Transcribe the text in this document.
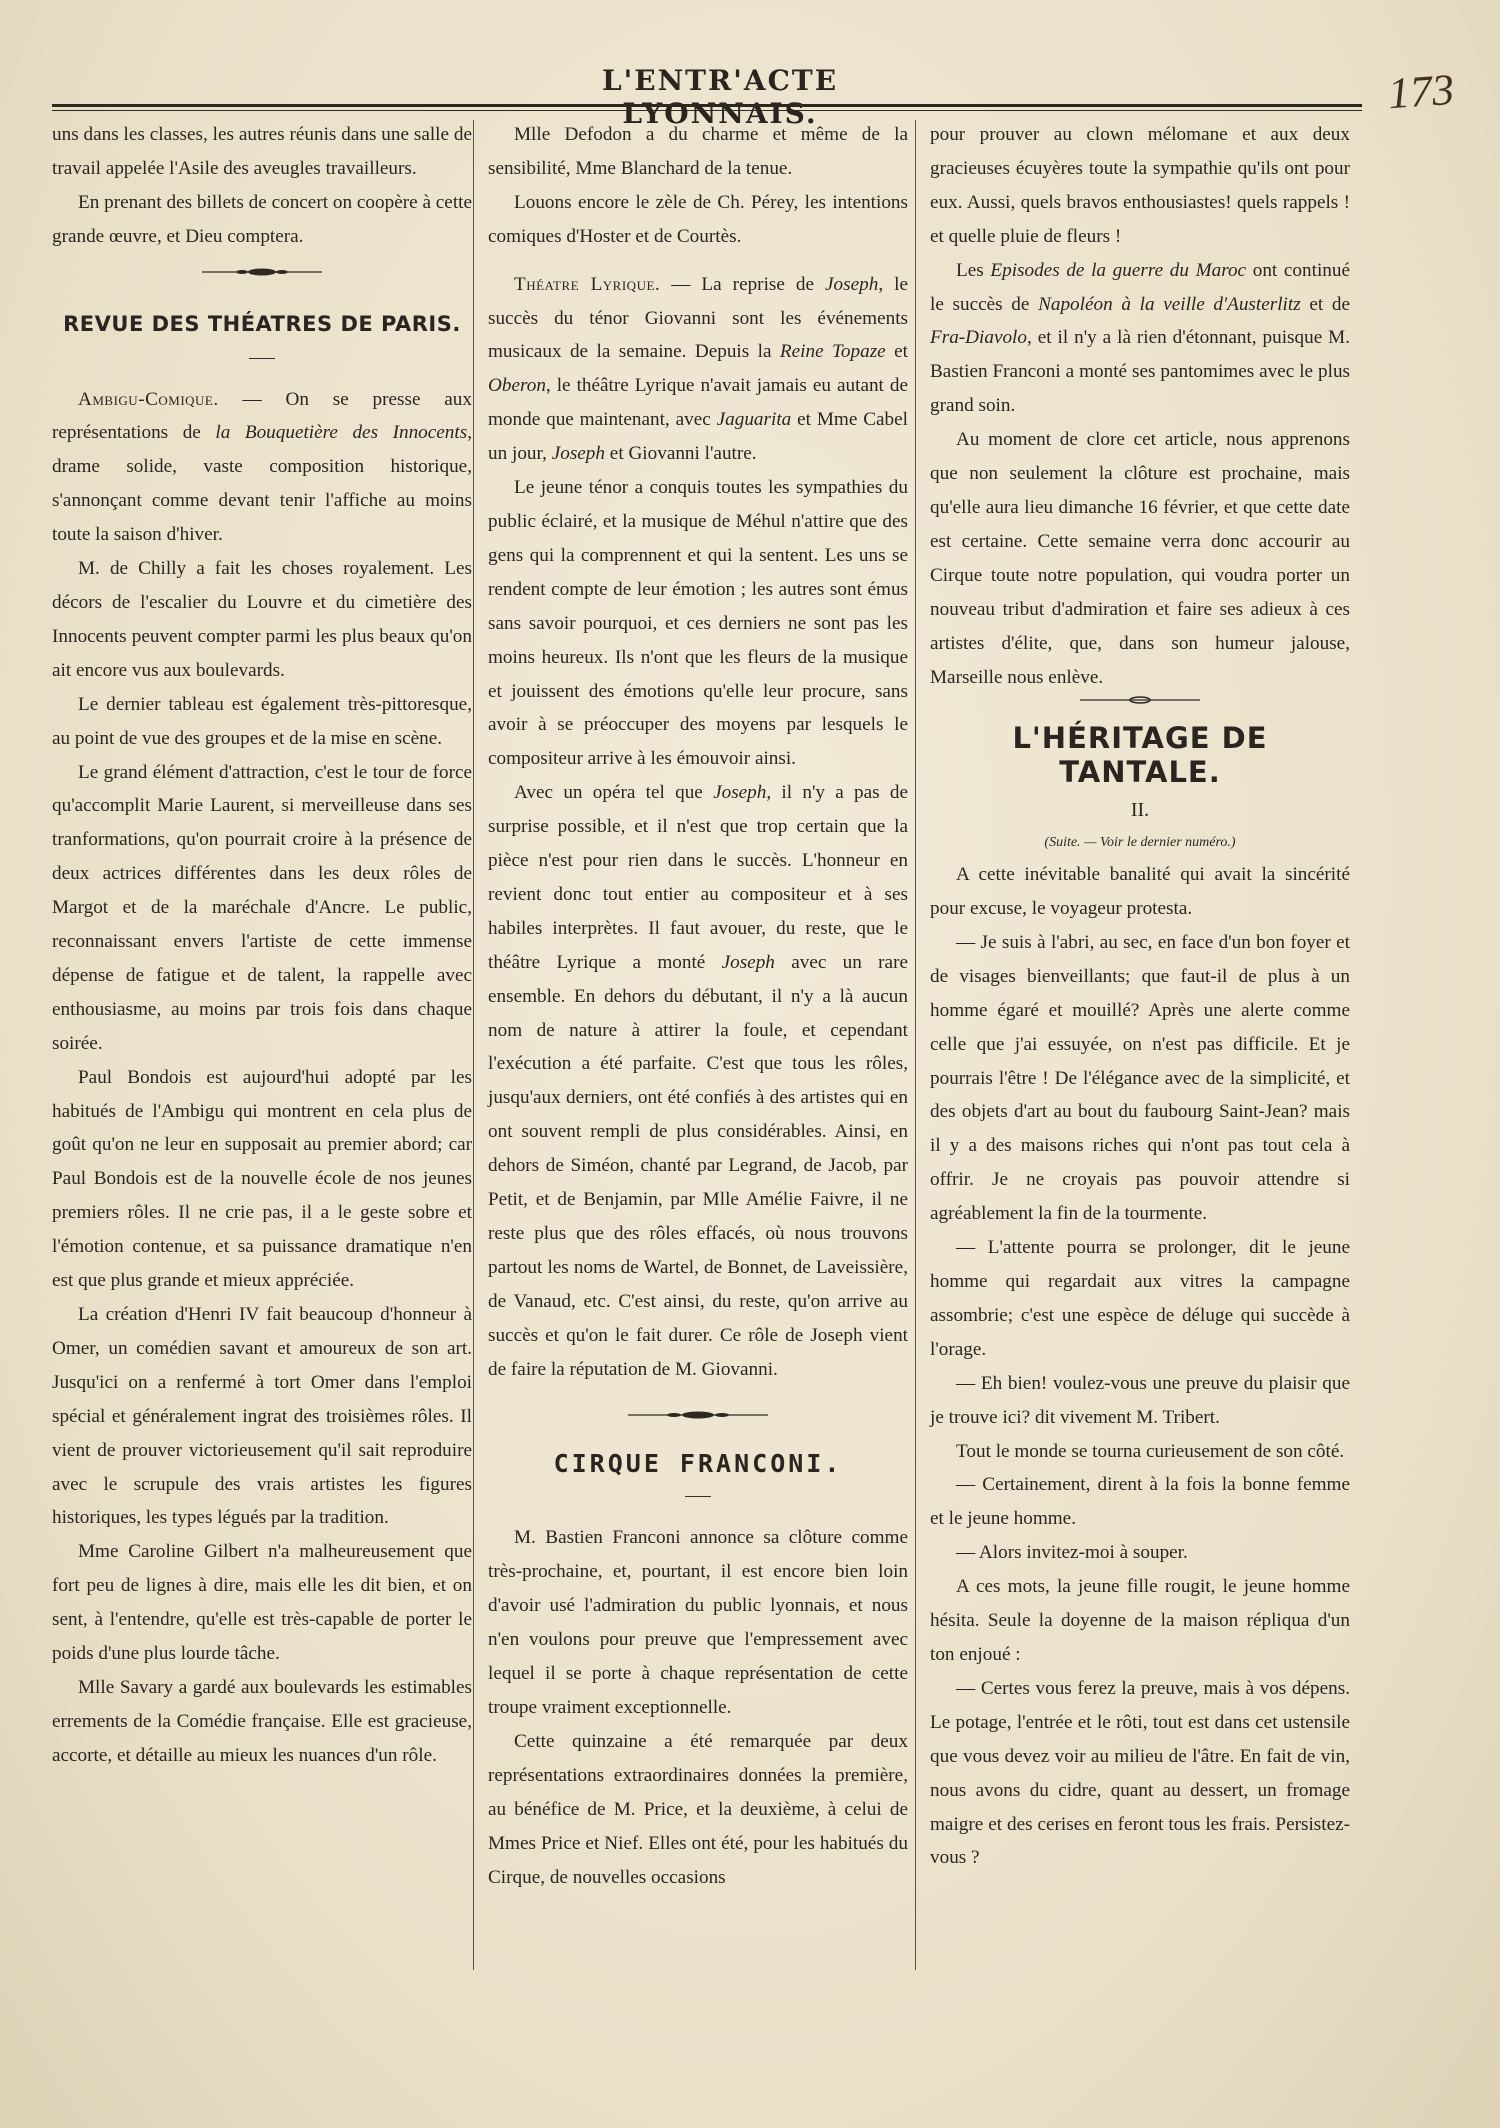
L'ENTR'ACTE LYONNAIS.	173

uns dans les classes, les autres réunis dans une salle de travail appelée l'Asile des aveugles travailleurs.

En prenant des billets de concert on coopère à cette grande œuvre, et Dieu comptera.

REVUE DES THÉATRES DE PARIS.

Ambigu-Comique. — On se presse aux représentations de la Bouquetière des Innocents, drame solide, vaste composition historique, s'annonçant comme devant tenir l'affiche au moins toute la saison d'hiver.

M. de Chilly a fait les choses royalement. Les décors de l'escalier du Louvre et du cimetière des Innocents peuvent compter parmi les plus beaux qu'on ait encore vus aux boulevards.

Le dernier tableau est également très-pittoresque, au point de vue des groupes et de la mise en scène.

Le grand élément d'attraction, c'est le tour de force qu'accomplit Marie Laurent, si merveilleuse dans ses tranformations, qu'on pourrait croire à la présence de deux actrices différentes dans les deux rôles de Margot et de la maréchale d'Ancre. Le public, reconnaissant envers l'artiste de cette immense dépense de fatigue et de talent, la rappelle avec enthousiasme, au moins par trois fois dans chaque soirée.

Paul Bondois est aujourd'hui adopté par les habitués de l'Ambigu qui montrent en cela plus de goût qu'on ne leur en supposait au premier abord; car Paul Bondois est de la nouvelle école de nos jeunes premiers rôles. Il ne crie pas, il a le geste sobre et l'émotion contenue, et sa puissance dramatique n'en est que plus grande et mieux appréciée.

La création d'Henri IV fait beaucoup d'honneur à Omer, un comédien savant et amoureux de son art. Jusqu'ici on a renfermé à tort Omer dans l'emploi spécial et généralement ingrat des troisièmes rôles. Il vient de prouver victorieusement qu'il sait reproduire avec le scrupule des vrais artistes les figures historiques, les types légués par la tradition.

Mme Caroline Gilbert n'a malheureusement que fort peu de lignes à dire, mais elle les dit bien, et on sent, à l'entendre, qu'elle est très-capable de porter le poids d'une plus lourde tâche.

Mlle Savary a gardé aux boulevards les estimables errements de la Comédie française. Elle est gracieuse, accorte, et détaille au mieux les nuances d'un rôle.

Mlle Defodon a du charme et même de la sensibilité, Mme Blanchard de la tenue.

Louons encore le zèle de Ch. Pérey, les intentions comiques d'Hoster et de Courtès.

Théatre Lyrique. — La reprise de Joseph, le succès du ténor Giovanni sont les événements musicaux de la semaine. Depuis la Reine Topaze et Oberon, le théâtre Lyrique n'avait jamais eu autant de monde que maintenant, avec Jaguarita et Mme Cabel un jour, Joseph et Giovanni l'autre.

Le jeune ténor a conquis toutes les sympathies du public éclairé, et la musique de Méhul n'attire que des gens qui la comprennent et qui la sentent. Les uns se rendent compte de leur émotion ; les autres sont émus sans savoir pourquoi, et ces derniers ne sont pas les moins heureux. Ils n'ont que les fleurs de la musique et jouissent des émotions qu'elle leur procure, sans avoir à se préoccuper des moyens par lesquels le compositeur arrive à les émouvoir ainsi.

Avec un opéra tel que Joseph, il n'y a pas de surprise possible, et il n'est que trop certain que la pièce n'est pour rien dans le succès. L'honneur en revient donc tout entier au compositeur et à ses habiles interprètes. Il faut avouer, du reste, que le théâtre Lyrique a monté Joseph avec un rare ensemble. En dehors du débutant, il n'y a là aucun nom de nature à attirer la foule, et cependant l'exécution a été parfaite. C'est que tous les rôles, jusqu'aux derniers, ont été confiés à des artistes qui en ont souvent rempli de plus considérables. Ainsi, en dehors de Siméon, chanté par Legrand, de Jacob, par Petit, et de Benjamin, par Mlle Amélie Faivre, il ne reste plus que des rôles effacés, où nous trouvons partout les noms de Wartel, de Bonnet, de Laveissière, de Vanaud, etc. C'est ainsi, du reste, qu'on arrive au succès et qu'on le fait durer. Ce rôle de Joseph vient de faire la réputation de M. Giovanni.

CIRQUE FRANCONI.

M. Bastien Franconi annonce sa clôture comme très-prochaine, et, pourtant, il est encore bien loin d'avoir usé l'admiration du public lyonnais, et nous n'en voulons pour preuve que l'empressement avec lequel il se porte à chaque représentation de cette troupe vraiment exceptionnelle.

Cette quinzaine a été remarquée par deux représentations extraordinaires données la première, au bénéfice de M. Price, et la deuxième, à celui de Mmes Price et Nief. Elles ont été, pour les habitués du Cirque, de nouvelles occasions

pour prouver au clown mélomane et aux deux gracieuses écuyères toute la sympathie qu'ils ont pour eux. Aussi, quels bravos enthousiastes! quels rappels ! et quelle pluie de fleurs !

Les Episodes de la guerre du Maroc ont continué le succès de Napoléon à la veille d'Austerlitz et de Fra-Diavolo, et il n'y a là rien d'étonnant, puisque M. Bastien Franconi a monté ses pantomimes avec le plus grand soin.

Au moment de clore cet article, nous apprenons que non seulement la clôture est prochaine, mais qu'elle aura lieu dimanche 16 février, et que cette date est certaine. Cette semaine verra donc accourir au Cirque toute notre population, qui voudra porter un nouveau tribut d'admiration et faire ses adieux à ces artistes d'élite, que, dans son humeur jalouse, Marseille nous enlève.

L'HÉRITAGE DE TANTALE.

II.

(Suite. — Voir le dernier numéro.)

A cette inévitable banalité qui avait la sincérité pour excuse, le voyageur protesta.

— Je suis à l'abri, au sec, en face d'un bon foyer et de visages bienveillants; que faut-il de plus à un homme égaré et mouillé? Après une alerte comme celle que j'ai essuyée, on n'est pas difficile. Et je pourrais l'être ! De l'élégance avec de la simplicité, et des objets d'art au bout du faubourg Saint-Jean? mais il y a des maisons riches qui n'ont pas tout cela à offrir. Je ne croyais pas pouvoir attendre si agréablement la fin de la tourmente.

— L'attente pourra se prolonger, dit le jeune homme qui regardait aux vitres la campagne assombrie; c'est une espèce de déluge qui succède à l'orage.

— Eh bien! voulez-vous une preuve du plaisir que je trouve ici? dit vivement M. Tribert.

Tout le monde se tourna curieusement de son côté.

— Certainement, dirent à la fois la bonne femme et le jeune homme.

— Alors invitez-moi à souper.

A ces mots, la jeune fille rougit, le jeune homme hésita. Seule la doyenne de la maison répliqua d'un ton enjoué :

— Certes vous ferez la preuve, mais à vos dépens. Le potage, l'entrée et le rôti, tout est dans cet ustensile que vous devez voir au milieu de l'âtre. En fait de vin, nous avons du cidre, quant au dessert, un fromage maigre et des cerises en feront tous les frais. Persistez-vous ?
